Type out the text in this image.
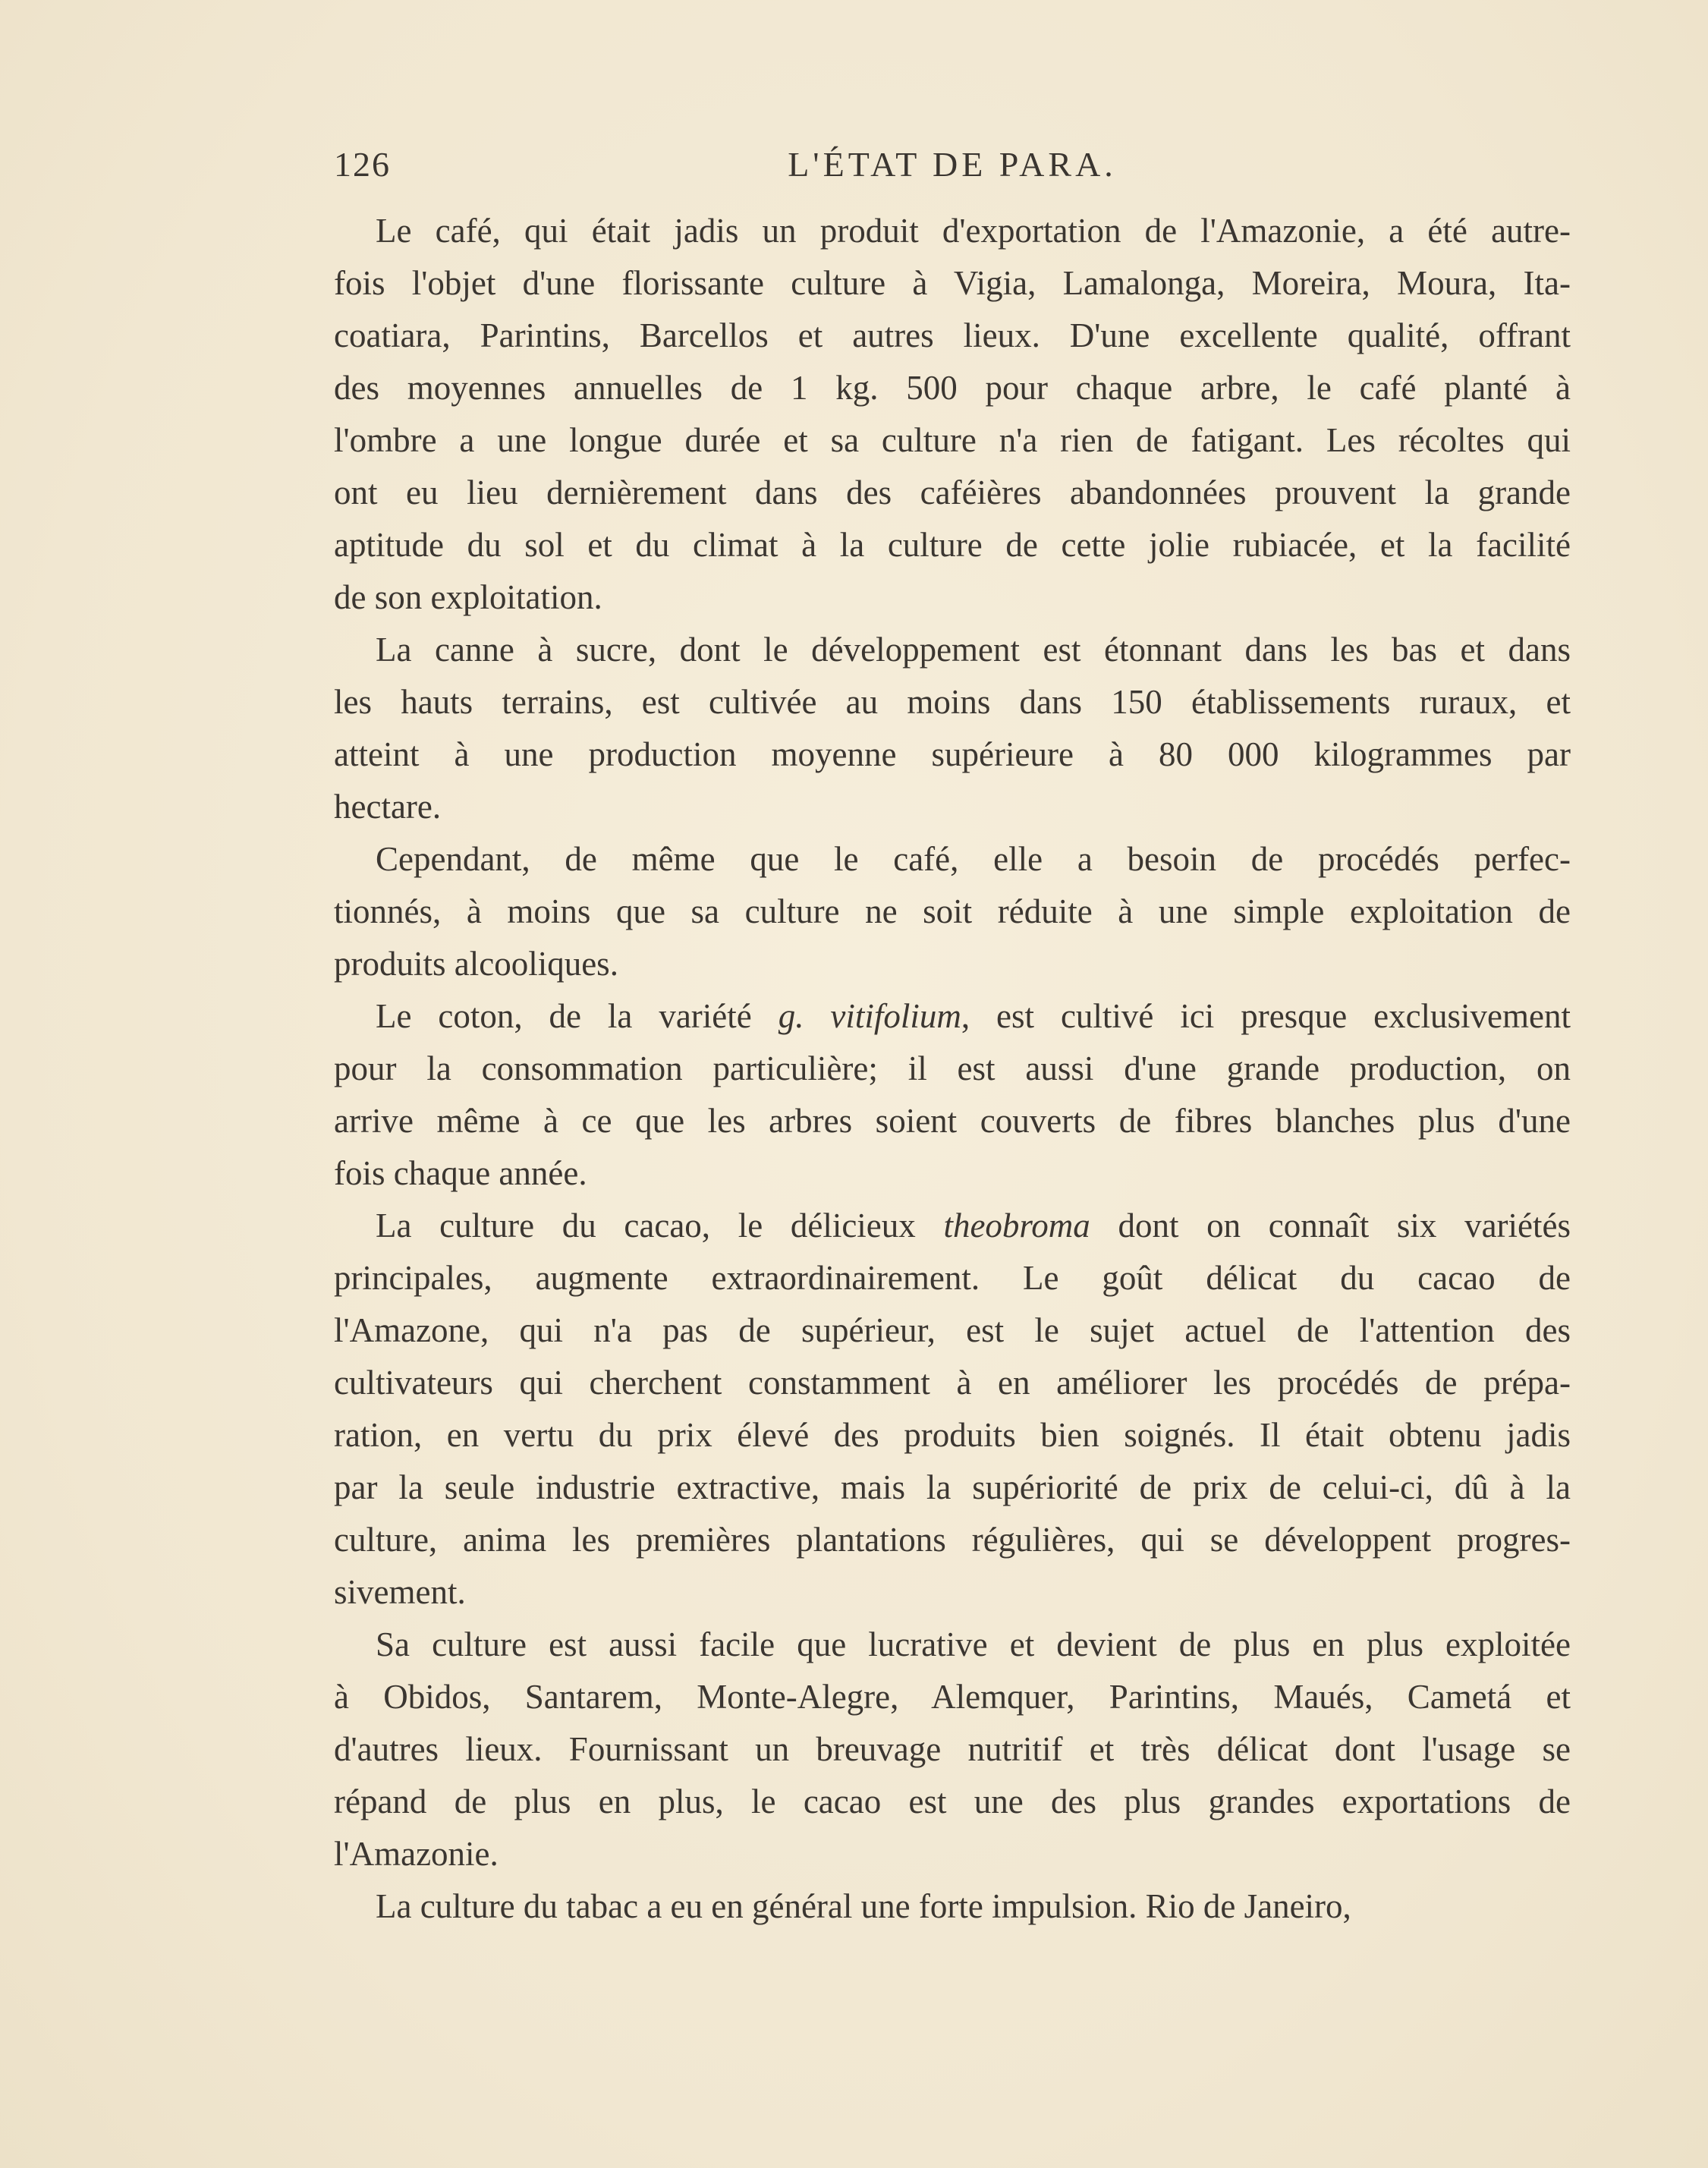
126	L'ÉTAT DE PARA.
Le café, qui était jadis un produit d'exportation de l'Amazonie, a été autre-
fois l'objet d'une florissante culture à Vigia, Lamalonga, Moreira, Moura, Ita-
coatiara, Parintins, Barcellos et autres lieux. D'une excellente qualité, offrant
des moyennes annuelles de 1 kg. 500 pour chaque arbre, le café planté à
l'ombre a une longue durée et sa culture n'a rien de fatigant. Les récoltes qui
ont eu lieu dernièrement dans des caféières abandonnées prouvent la grande
aptitude du sol et du climat à la culture de cette jolie rubiacée, et la facilité
de son exploitation.
La canne à sucre, dont le développement est étonnant dans les bas et dans
les hauts terrains, est cultivée au moins dans 150 établissements ruraux, et
atteint à une production moyenne supérieure à 80 000 kilogrammes par
hectare.
Cependant, de même que le café, elle a besoin de procédés perfec-
tionnés, à moins que sa culture ne soit réduite à une simple exploitation de
produits alcooliques.
Le coton, de la variété g. vitifolium, est cultivé ici presque exclusivement
pour la consommation particulière; il est aussi d'une grande production, on
arrive même à ce que les arbres soient couverts de fibres blanches plus d'une
fois chaque année.
La culture du cacao, le délicieux theobroma dont on connaît six variétés
principales, augmente extraordinairement. Le goût délicat du cacao de
l'Amazone, qui n'a pas de supérieur, est le sujet actuel de l'attention des
cultivateurs qui cherchent constamment à en améliorer les procédés de prépa-
ration, en vertu du prix élevé des produits bien soignés. Il était obtenu jadis
par la seule industrie extractive, mais la supériorité de prix de celui-ci, dû à la
culture, anima les premières plantations régulières, qui se développent progres-
sivement.
Sa culture est aussi facile que lucrative et devient de plus en plus exploitée
à Obidos, Santarem, Monte-Alegre, Alemquer, Parintins, Maués, Cametá et
d'autres lieux. Fournissant un breuvage nutritif et très délicat dont l'usage se
répand de plus en plus, le cacao est une des plus grandes exportations de
l'Amazonie.
La culture du tabac a eu en général une forte impulsion. Rio de Janeiro,
